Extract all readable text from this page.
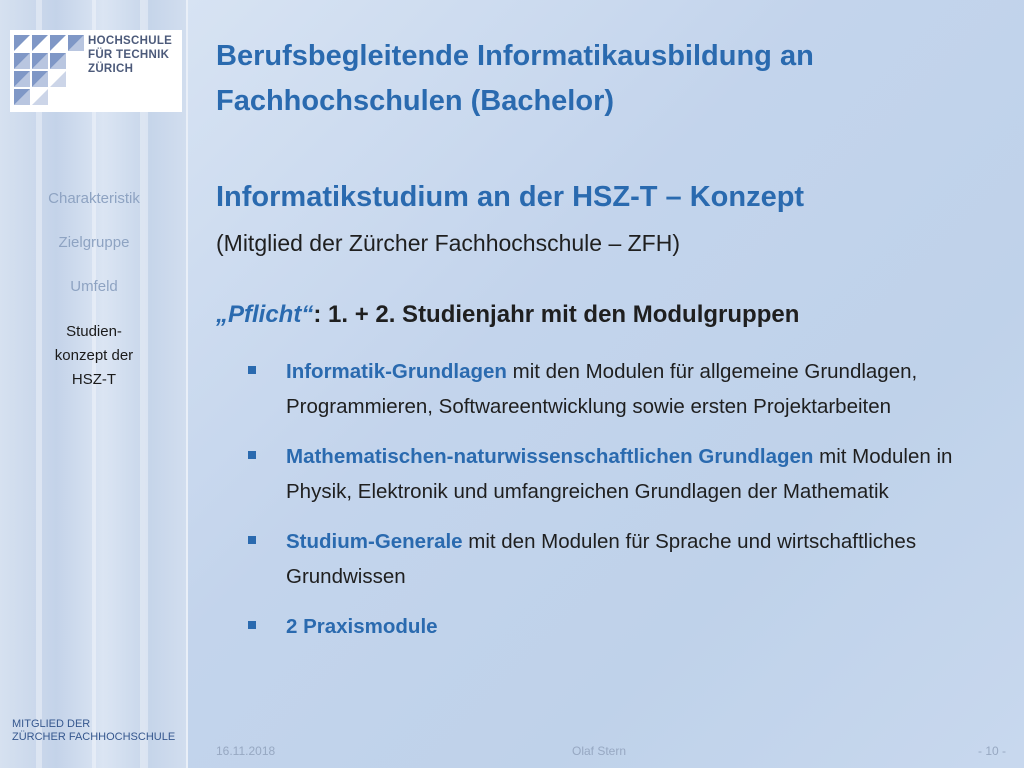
HOCHSCHULE
FÜR TECHNIK
ZÜRICH
Charakteristik
Zielgruppe
Umfeld
Studien-
konzept der
HSZ-T
MITGLIED DER
ZÜRCHER FACHHOCHSCHULE
Berufsbegleitende Informatikausbildung an
Fachhochschulen (Bachelor)
Informatikstudium an der HSZ-T – Konzept
(Mitglied der Zürcher Fachhochschule – ZFH)
„Pflicht“: 1. + 2. Studienjahr mit den Modulgruppen
Informatik-Grundlagen mit den Modulen für allgemeine Grundlagen, Programmieren, Softwareentwicklung sowie ersten Projektarbeiten
Mathematischen-naturwissenschaftlichen Grundlagen mit Modulen in Physik, Elektronik und umfangreichen Grundlagen der Mathematik
Studium-Generale mit den Modulen für Sprache und wirtschaftliches Grundwissen
2 Praxismodule
16.11.2018	Olaf Stern	- 10 -
